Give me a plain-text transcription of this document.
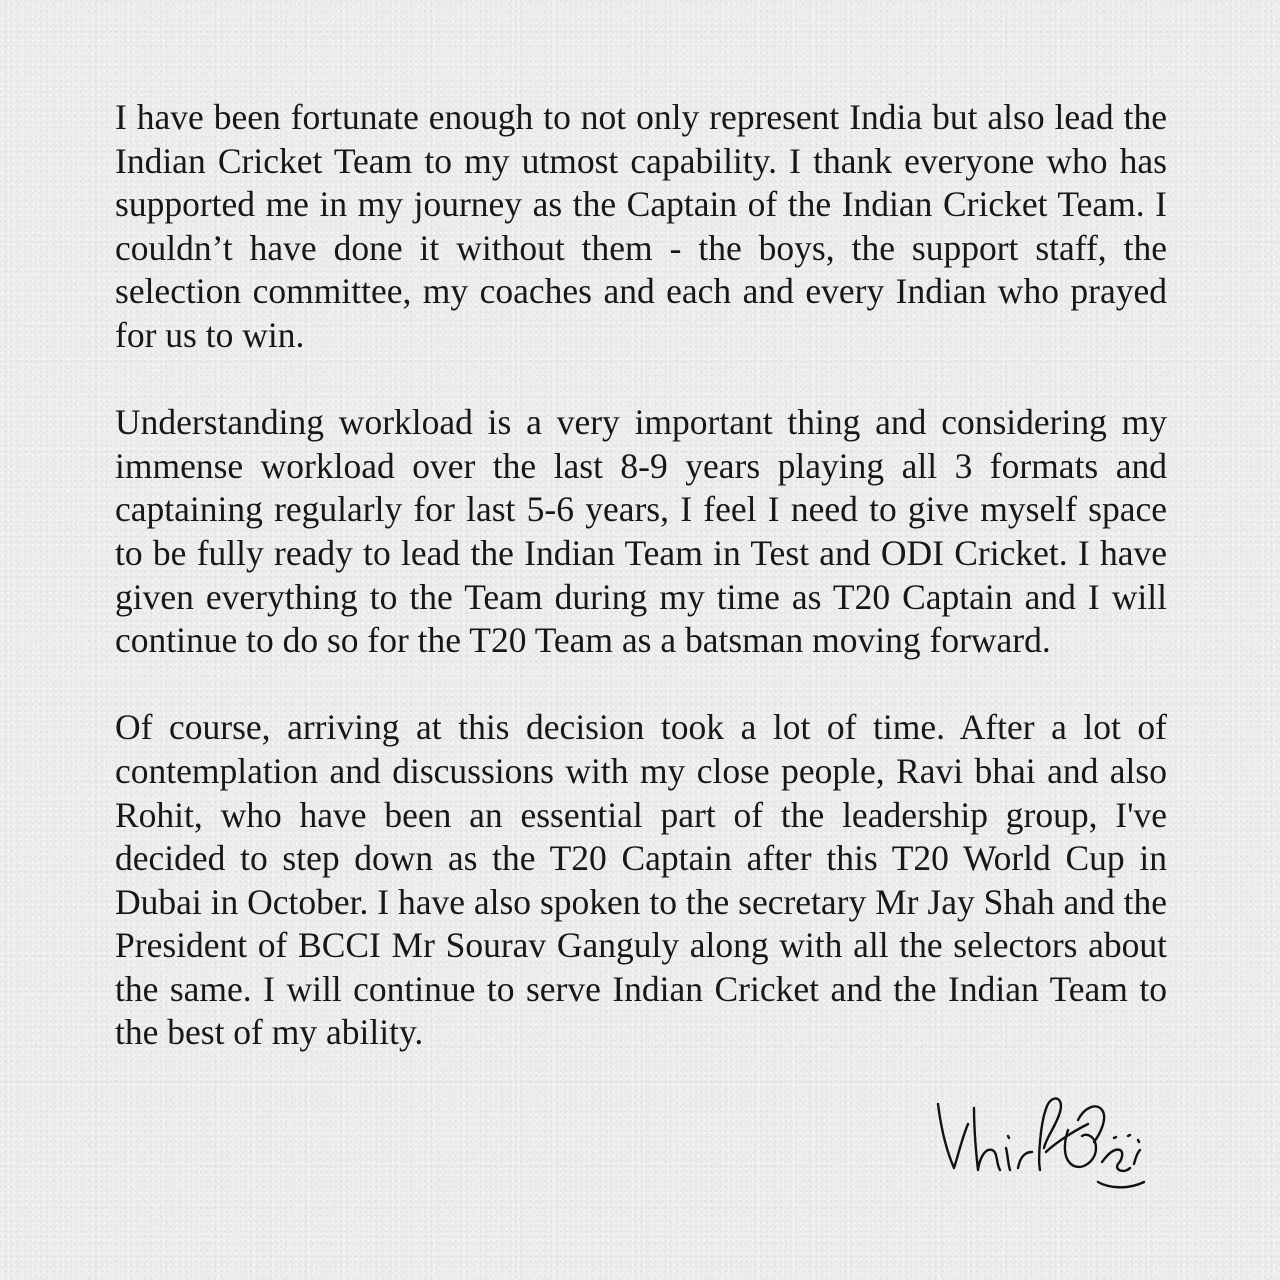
I have been fortunate enough to not only represent India but also lead the Indian Cricket Team to my utmost capability. I thank everyone who has supported me in my journey as the Captain of the Indian Cricket Team. I couldn’t have done it without them - the boys, the support staff, the selection committee, my coaches and each and every Indian who prayed for us to win.

Understanding workload is a very important thing and considering my immense workload over the last 8-9 years playing all 3 formats and captaining regularly for last 5-6 years, I feel I need to give myself space to be fully ready to lead the Indian Team in Test and ODI Cricket. I have given everything to the Team during my time as T20 Captain and I will continue to do so for the T20 Team as a batsman moving forward.

Of course, arriving at this decision took a lot of time. After a lot of contemplation and discussions with my close people, Ravi bhai and also Rohit, who have been an essential part of the leadership group, I've decided to step down as the T20 Captain after this T20 World Cup in Dubai in October. I have also spoken to the secretary Mr Jay Shah and the President of BCCI Mr Sourav Ganguly along with all the selectors about the same. I will continue to serve Indian Cricket and the Indian Team to the best of my ability.
